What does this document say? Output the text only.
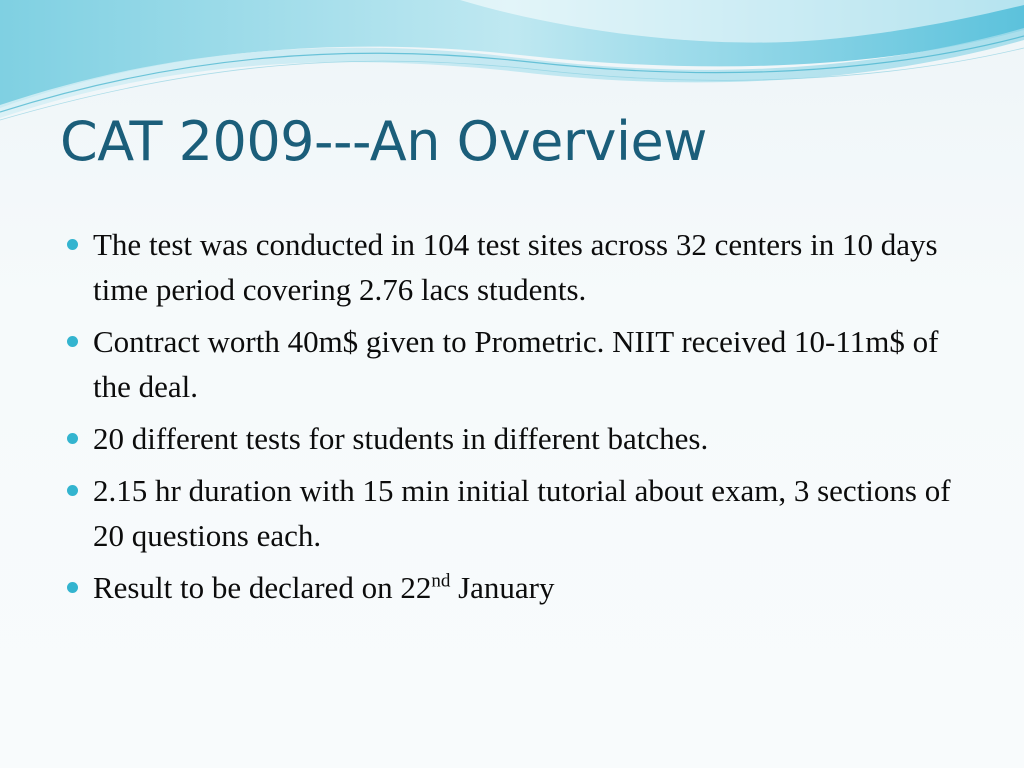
CAT 2009---An Overview
The test was conducted in 104 test sites across 32 centers in 10 days time period covering 2.76 lacs students.
Contract worth 40m$ given to Prometric. NIIT received 10-11m$ of the deal.
20 different tests for students in different batches.
2.15 hr duration with 15 min initial tutorial about exam, 3 sections of 20 questions each.
Result to be declared on 22nd January
